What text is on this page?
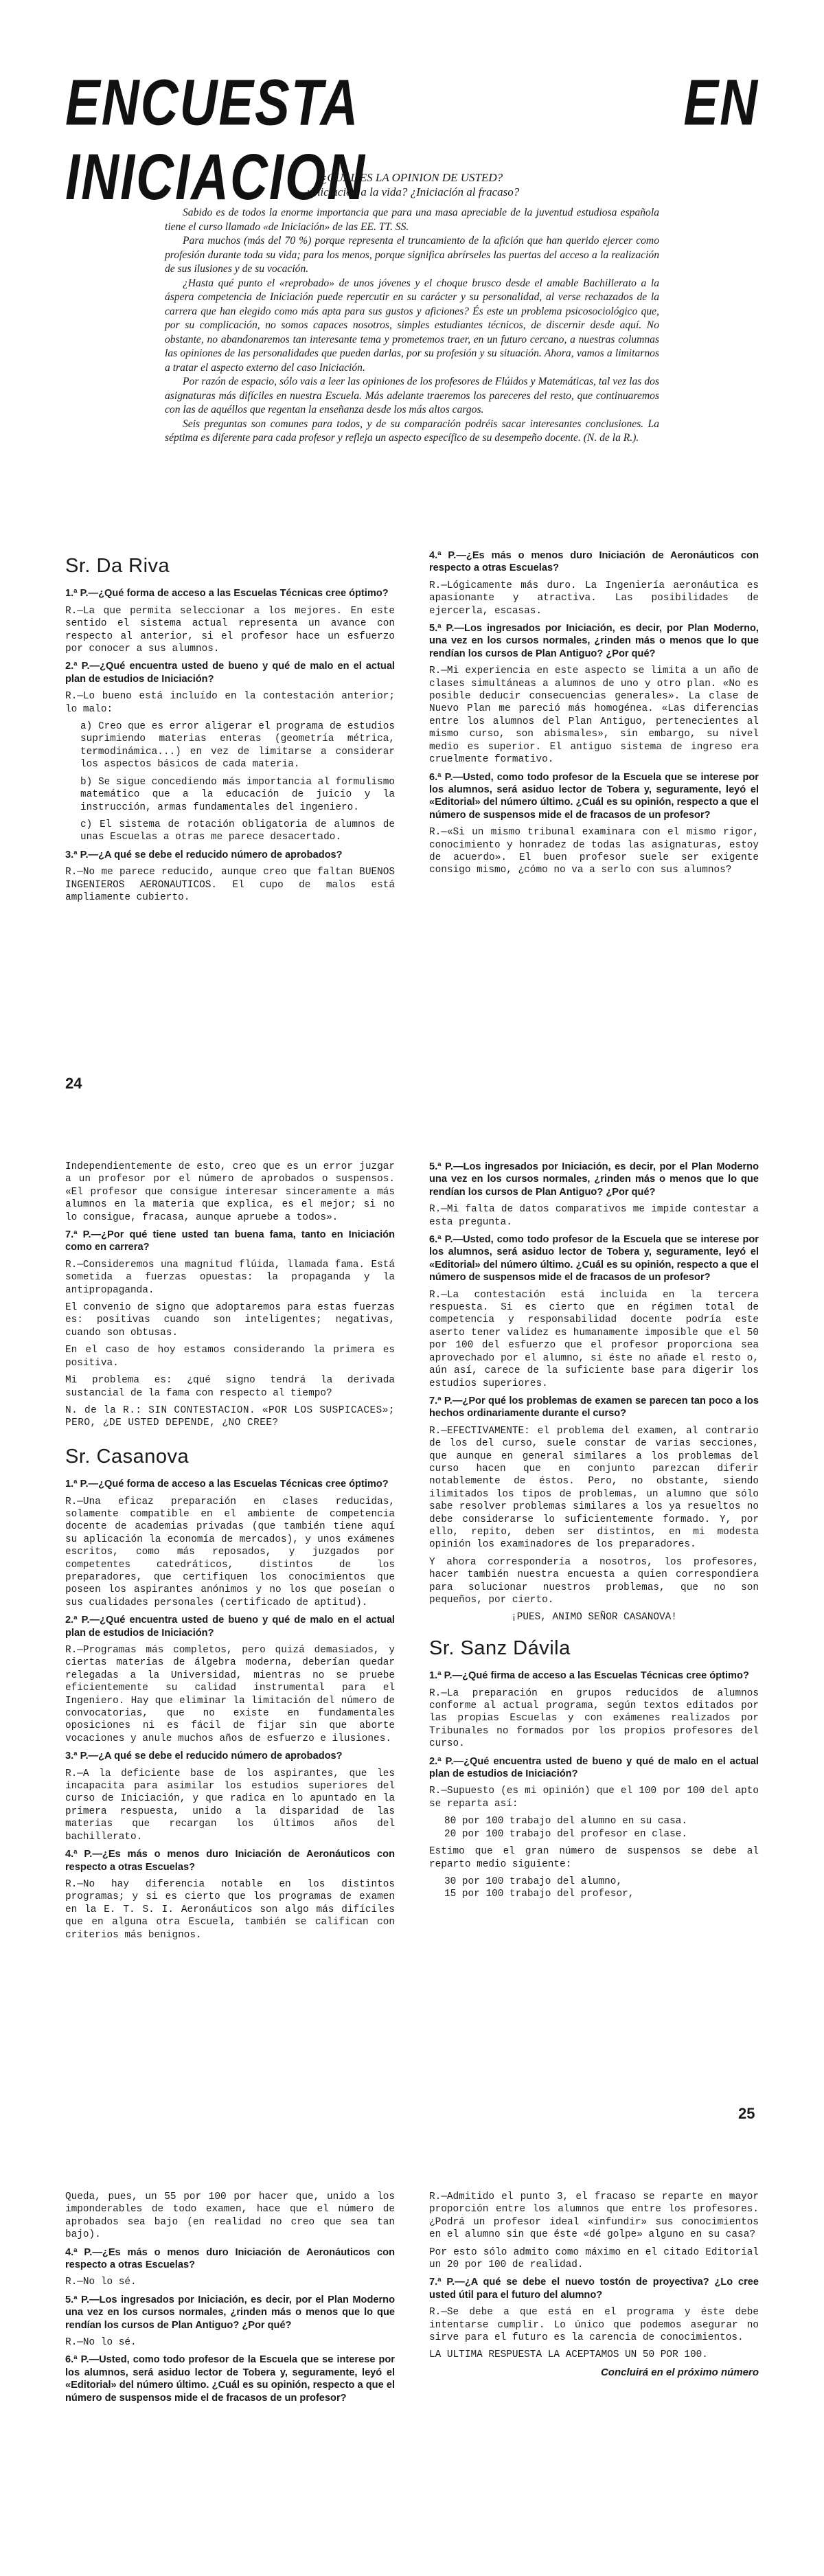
ENCUESTA EN INICIACION
¿CUAL ES LA OPINION DE USTED?
¿Iniciación a la vida? ¿Iniciación al fracaso?

Sabido es de todos la enorme importancia que para una masa apreciable de la juventud estudiosa española tiene el curso llamado «de Iniciación» de las EE. TT. SS.

Para muchos (más del 70 %) porque representa el truncamiento de la afición que han querido ejercer como profesión durante toda su vida; para los menos, porque significa abrírseles las puertas del acceso a la realización de sus ilusiones y de su vocación.

¿Hasta qué punto el «reprobado» de unos jóvenes y el choque brusco desde el amable Bachillerato a la áspera competencia de Iniciación puede repercutir en su carácter y su personalidad, al verse rechazados de la carrera que han elegido como más apta para sus gustos y aficiones? És este un problema psicosociológico que, por su complicación, no somos capaces nosotros, simples estudiantes técnicos, de discernir desde aquí. No obstante, no abandonaremos tan interesante tema y prometemos traer, en un futuro cercano, a nuestras columnas las opiniones de las personalidades que pueden darlas, por su profesión y su situación. Ahora, vamos a limitarnos a tratar el aspecto externo del caso Iniciación.

Por razón de espacio, sólo vais a leer las opiniones de los profesores de Flúidos y Matemáticas, tal vez las dos asignaturas más difíciles en nuestra Escuela. Más adelante traeremos los pareceres del resto, que continuaremos con las de aquéllos que regentan la enseñanza desde los más altos cargos.

Seis preguntas son comunes para todos, y de su comparación podréis sacar interesantes conclusiones. La séptima es diferente para cada profesor y refleja un aspecto específico de su desempeño docente. (N. de la R.).

Sr. Da Riva

1.ª P.—¿Qué forma de acceso a las Escuelas Técnicas cree óptimo?

R.—La que permita seleccionar a los mejores. En este sentido el sistema actual representa un avance con respecto al anterior, si el profesor hace un esfuerzo por conocer a sus alumnos.

2.ª P.—¿Qué encuentra usted de bueno y qué de malo en el actual plan de estudios de Iniciación?

R.—Lo bueno está incluído en la contestación anterior; lo malo:

a) Creo que es error aligerar el programa de estudios suprimiendo materias enteras (geometría métrica, termodinámica...) en vez de limitarse a considerar los aspectos básicos de cada materia.

b) Se sigue concediendo más importancia al formulismo matemático que a la educación de juicio y la instrucción, armas fundamentales del ingeniero.

c) El sistema de rotación obligatoria de alumnos de unas Escuelas a otras me parece desacertado.

3.ª P.—¿A qué se debe el reducido número de aprobados?

R.—No me parece reducido, aunque creo que faltan BUENOS INGENIEROS AERONAUTICOS. El cupo de malos está ampliamente cubierto.

4.ª P.—¿Es más o menos duro Iniciación de Aeronáuticos con respecto a otras Escuelas?

R.—Lógicamente más duro. La Ingeniería aeronáutica es apasionante y atractiva. Las posibilidades de ejercerla, escasas.

5.ª P.—Los ingresados por Iniciación, es decir, por Plan Moderno, una vez en los cursos normales, ¿rinden más o menos que lo que rendían los cursos de Plan Antiguo? ¿Por qué?

R.—Mi experiencia en este aspecto se limita a un año de clases simultáneas a alumnos de uno y otro plan. «No es posible deducir consecuencias generales». La clase de Nuevo Plan me pareció más homogénea. «Las diferencias entre los alumnos del Plan Antiguo, pertenecientes al mismo curso, son abismales», sin embargo, su nivel medio es superior. El antiguo sistema de ingreso era cruelmente formativo.

6.ª P.—Usted, como todo profesor de la Escuela que se interese por los alumnos, será asiduo lector de Tobera y, seguramente, leyó el «Editorial» del número último. ¿Cuál es su opinión, respecto a que el número de suspensos mide el de fracasos de un profesor?

R.—«Si un mismo tribunal examinara con el mismo rigor, conocimiento y honradez de todas las asignaturas, estoy de acuerdo». El buen profesor suele ser exigente consigo mismo, ¿cómo no va a serlo con sus alumnos?

24

Independientemente de esto, creo que es un error juzgar a un profesor por el número de aprobados o suspensos. «El profesor que consigue interesar sinceramente a más alumnos en la materia que explica, es el mejor; si no lo consigue, fracasa, aunque apruebe a todos».

7.ª P.—¿Por qué tiene usted tan buena fama, tanto en Iniciación como en carrera?

R.—Consideremos una magnitud flúida, llamada fama. Está sometida a fuerzas opuestas: la propaganda y la antipropaganda.

El convenio de signo que adoptaremos para estas fuerzas es: positivas cuando son inteligentes; negativas, cuando son obtusas.

En el caso de hoy estamos considerando la primera es positiva.

Mi problema es: ¿qué signo tendrá la derivada sustancial de la fama con respecto al tiempo?

N. de la R.: SIN CONTESTACION. «POR LOS SUSPICACES»; PERO, ¿DE USTED DEPENDE, ¿NO CREE?

Sr. Casanova

1.ª P.—¿Qué forma de acceso a las Escuelas Técnicas cree óptimo?

R.—Una eficaz preparación en clases reducidas, solamente compatible en el ambiente de competencia docente de academias privadas (que también tiene aquí su aplicación la economía de mercados), y unos exámenes escritos, como más reposados, y juzgados por competentes catedráticos, distintos de los preparadores, que certifiquen los conocimientos que poseen los aspirantes anónimos y no los que poseían o sus cualidades personales (certificado de aptitud).

2.ª P.—¿Qué encuentra usted de bueno y qué de malo en el actual plan de estudios de Iniciación?

R.—Programas más completos, pero quizá demasiados, y ciertas materias de álgebra moderna, deberían quedar relegadas a la Universidad, mientras no se pruebe eficientemente su calidad instrumental para el Ingeniero. Hay que eliminar la limitación del número de convocatorias, que no existe en fundamentales oposiciones ni es fácil de fijar sin que aborte vocaciones y anule muchos años de esfuerzo e ilusiones.

3.ª P.—¿A qué se debe el reducido número de aprobados?

R.—A la deficiente base de los aspirantes, que les incapacita para asimilar los estudios superiores del curso de Iniciación, y que radica en lo apuntado en la primera respuesta, unido a la disparidad de las materias que recargan los últimos años del bachillerato.

4.ª P.—¿Es más o menos duro Iniciación de Aeronáuticos con respecto a otras Escuelas?

R.—No hay diferencia notable en los distintos programas; y si es cierto que los programas de examen en la E. T. S. I. Aeronáuticos son algo más difíciles que en alguna otra Escuela, también se califican con criterios más benignos.

5.ª P.—Los ingresados por Iniciación, es decir, por el Plan Moderno una vez en los cursos normales, ¿rinden más o menos que lo que rendían los cursos de Plan Antiguo? ¿Por qué?

R.—Mi falta de datos comparativos me impide contestar a esta pregunta.

6.ª P.—Usted, como todo profesor de la Escuela que se interese por los alumnos, será asiduo lector de Tobera y, seguramente, leyó el «Editorial» del número último. ¿Cuál es su opinión, respecto a que el número de suspensos mide el de fracasos de un profesor?

R.—La contestación está incluida en la tercera respuesta. Si es cierto que en régimen total de competencia y responsabilidad docente podría este aserto tener validez es humanamente imposible que el 50 por 100 del esfuerzo que el profesor proporciona sea aprovechado por el alumno, si éste no añade el resto o, aún así, carece de la suficiente base para digerir los estudios superiores.

7.ª P.—¿Por qué los problemas de examen se parecen tan poco a los hechos ordinariamente durante el curso?

R.—EFECTIVAMENTE: el problema del examen, al contrario de los del curso, suele constar de varias secciones, que aunque en general similares a los problemas del curso hacen que en conjunto parezcan diferir notablemente de éstos. Pero, no obstante, siendo ilimitados los tipos de problemas, un alumno que sólo sabe resolver problemas similares a los ya resueltos no debe considerarse lo suficientemente formado. Y, por ello, repito, deben ser distintos, en mi modesta opinión los examinadores de los preparadores.

Y ahora correspondería a nosotros, los profesores, hacer también nuestra encuesta a quien correspondiera para solucionar nuestros problemas, que no son pequeños, por cierto.

¡PUES, ANIMO SEÑOR CASANOVA!

Sr. Sanz Dávila

1.ª P.—¿Qué firma de acceso a las Escuelas Técnicas cree óptimo?

R.—La preparación en grupos reducidos de alumnos conforme al actual programa, según textos editados por las propias Escuelas y con exámenes realizados por Tribunales no formados por los propios profesores del curso.

2.ª P.—¿Qué encuentra usted de bueno y qué de malo en el actual plan de estudios de Iniciación?

R.—Supuesto (es mi opinión) que el 100 por 100 del apto se reparta así:

80 por 100 trabajo del alumno en su casa.

20 por 100 trabajo del profesor en clase.

Estimo que el gran número de suspensos se debe al reparto medio siguiente:

30 por 100 trabajo del alumno,

15 por 100 trabajo del profesor,

25

Queda, pues, un 55 por 100 por hacer que, unido a los imponderables de todo examen, hace que el número de aprobados sea bajo (en realidad no creo que sea tan bajo).

4.ª P.—¿Es más o menos duro Iniciación de Aeronáuticos con respecto a otras Escuelas?

R.—No lo sé.

5.ª P.—Los ingresados por Iniciación, es decir, por el Plan Moderno una vez en los cursos normales, ¿rinden más o menos que lo que rendían los cursos de Plan Antiguo? ¿Por qué?

R.—No lo sé.

6.ª P.—Usted, como todo profesor de la Escuela que se interese por los alumnos, será asiduo lector de Tobera y, seguramente, leyó el «Editorial» del número último. ¿Cuál es su opinión, respecto a que el número de suspensos mide el de fracasos de un profesor?

R.—Admitido el punto 3, el fracaso se reparte en mayor proporción entre los alumnos que entre los profesores. ¿Podrá un profesor ideal «infundir» sus conocimientos en el alumno sin que éste «dé golpe» alguno en su casa?

Por esto sólo admito como máximo en el citado Editorial un 20 por 100 de realidad.

7.ª P.—¿A qué se debe el nuevo tostón de proyectiva? ¿Lo cree usted útil para el futuro del alumno?

R.—Se debe a que está en el programa y éste debe intentarse cumplir. Lo único que podemos asegurar no sirve para el futuro es la carencia de conocimientos.

LA ULTIMA RESPUESTA LA ACEPTAMOS UN 50 POR 100.

Concluirá en el próximo número
